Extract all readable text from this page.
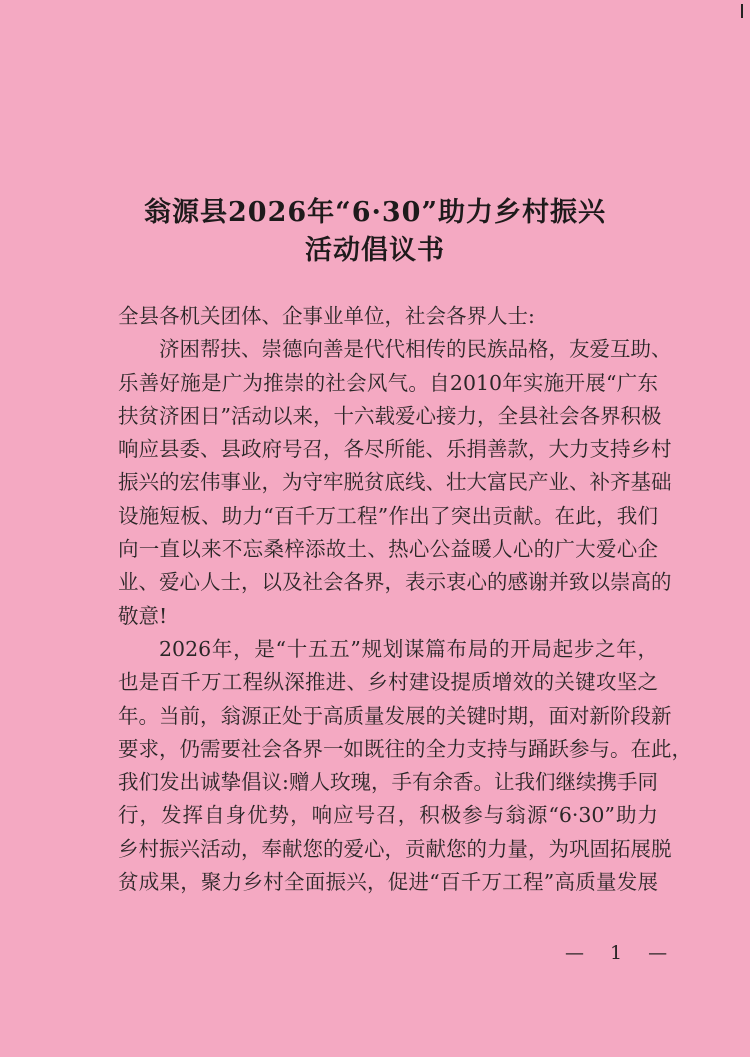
翁源县2026年“6·30”助力乡村振兴
活动倡议书
全县各机关团体、企事业单位，社会各界人士:
济困帮扶、崇德向善是代代相传的民族品格，友爱互助、
乐善好施是广为推崇的社会风气。自2010年实施开展“广东
扶贫济困日”活动以来，十六载爱心接力，全县社会各界积极
响应县委、县政府号召，各尽所能、乐捐善款，大力支持乡村
振兴的宏伟事业，为守牢脱贫底线、壮大富民产业、补齐基础
设施短板、助力“百千万工程”作出了突出贡献。在此，我们
向一直以来不忘桑梓添故土、热心公益暖人心的广大爱心企
业、爱心人士，以及社会各界，表示衷心的感谢并致以崇高的
敬意!
2026年，是“十五五”规划谋篇布局的开局起步之年，
也是百千万工程纵深推进、乡村建设提质增效的关键攻坚之
年。当前，翁源正处于高质量发展的关键时期，面对新阶段新
要求，仍需要社会各界一如既往的全力支持与踊跃参与。在此，
我们发出诚挚倡议:赠人玫瑰，手有余香。让我们继续携手同
行，发挥自身优势，响应号召，积极参与翁源“6·30”助力
乡村振兴活动，奉献您的爱心，贡献您的力量，为巩固拓展脱
贫成果，聚力乡村全面振兴，促进“百千万工程”高质量发展
— 1 —
